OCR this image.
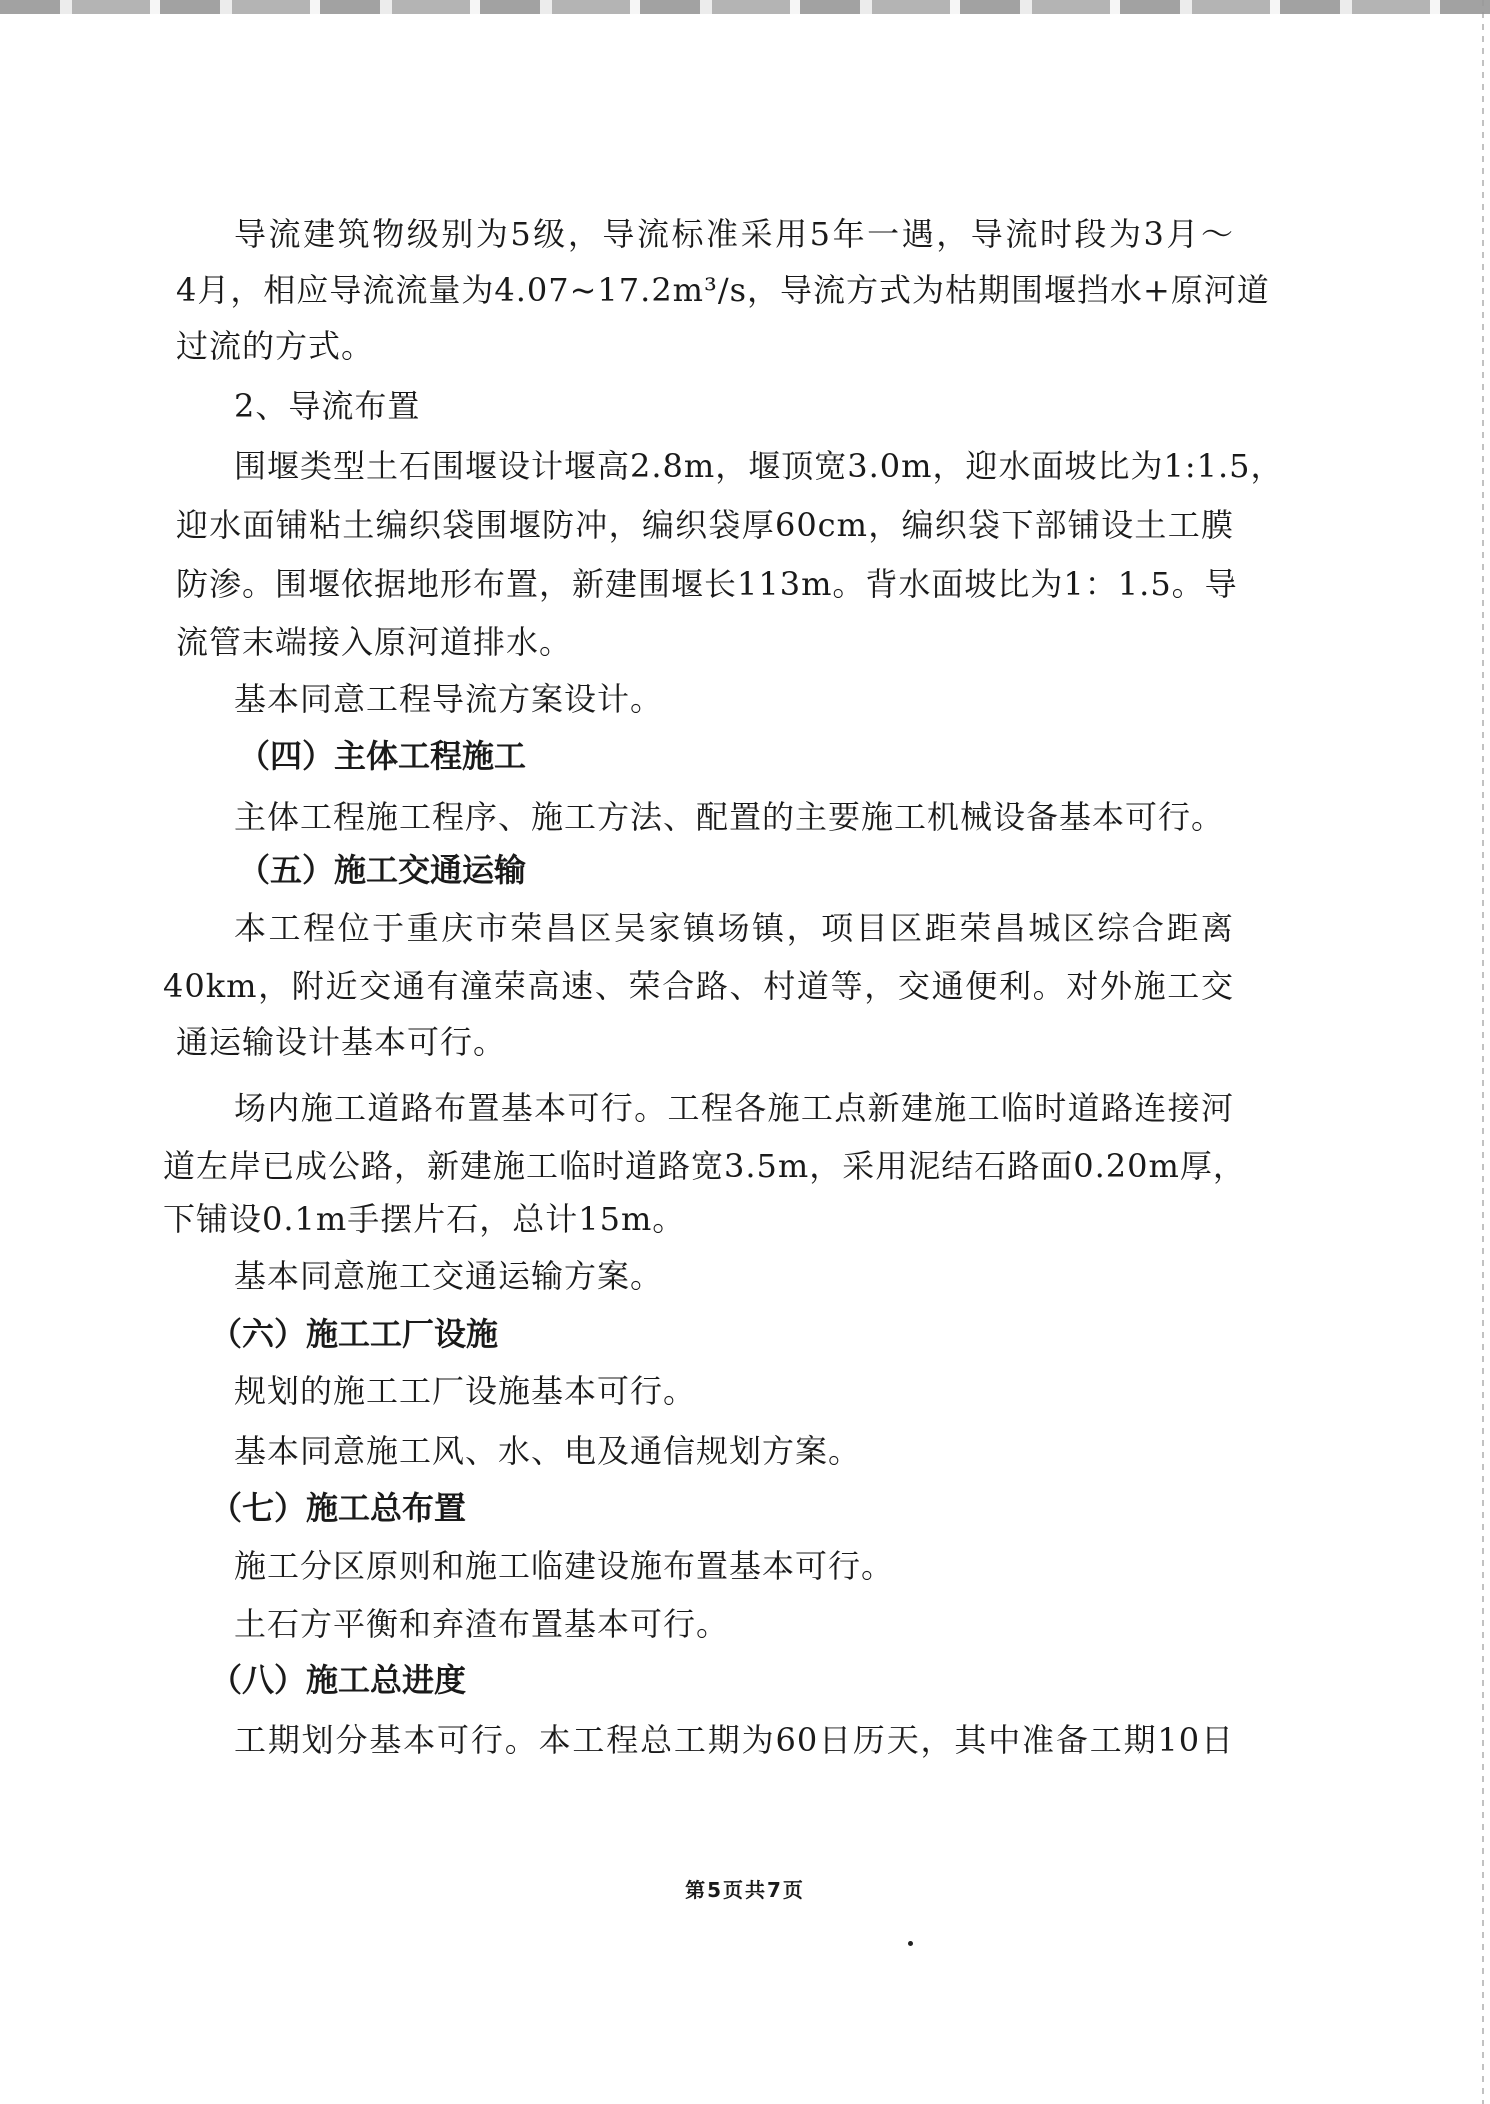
导流建筑物级别为5级，导流标准采用5年一遇，导流时段为3月～
4月，相应导流流量为4.07~17.2m³/s，导流方式为枯期围堰挡水+原河道
过流的方式。
2、导流布置
围堰类型土石围堰设计堰高2.8m，堰顶宽3.0m，迎水面坡比为1:1.5，
迎水面铺粘土编织袋围堰防冲，编织袋厚60cm，编织袋下部铺设土工膜
防渗。围堰依据地形布置，新建围堰长113m。背水面坡比为1：1.5。导
流管末端接入原河道排水。
基本同意工程导流方案设计。
（四）主体工程施工
主体工程施工程序、施工方法、配置的主要施工机械设备基本可行。
（五）施工交通运输
本工程位于重庆市荣昌区吴家镇场镇，项目区距荣昌城区综合距离
40km，附近交通有潼荣高速、荣合路、村道等，交通便利。对外施工交
通运输设计基本可行。
场内施工道路布置基本可行。工程各施工点新建施工临时道路连接河
道左岸已成公路，新建施工临时道路宽3.5m，采用泥结石路面0.20m厚，
下铺设0.1m手摆片石，总计15m。
基本同意施工交通运输方案。
（六）施工工厂设施
规划的施工工厂设施基本可行。
基本同意施工风、水、电及通信规划方案。
（七）施工总布置
施工分区原则和施工临建设施布置基本可行。
土石方平衡和弃渣布置基本可行。
（八）施工总进度
工期划分基本可行。本工程总工期为60日历天，其中准备工期10日
第5页共7页
